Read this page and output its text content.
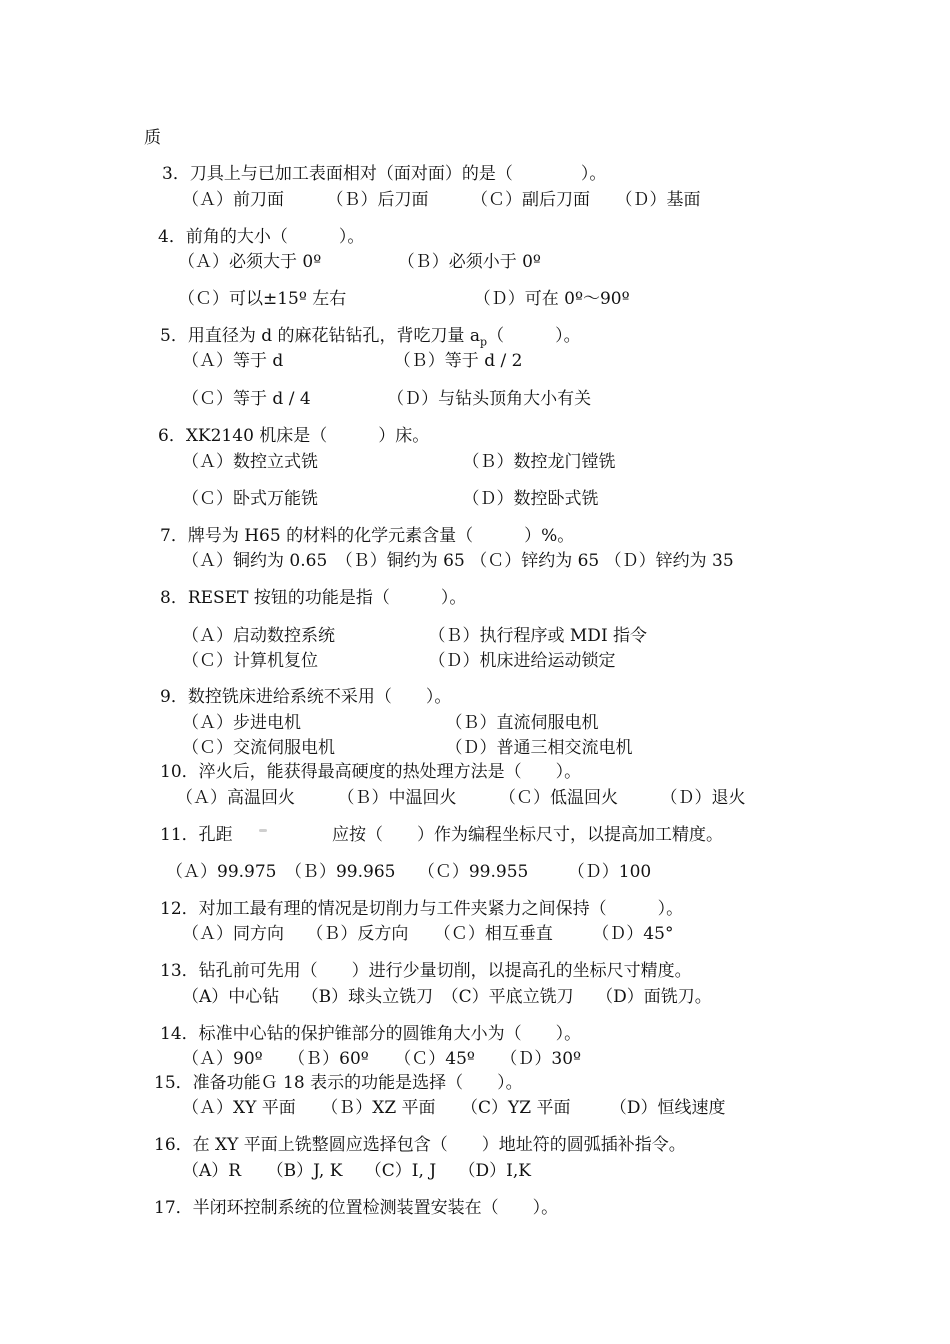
质
3．刀具上与已加工表面相对（面对面）的是（　　　　）。
（Ａ）前刀面　　　（Ｂ）后刀面　　　（Ｃ）副后刀面　　（Ｄ）基面
4．前角的大小（　　　）。
（Ａ）必须大于 0º　　　　　（Ｂ）必须小于 0º
（Ｃ）可以±15º 左右　　　　　　　　（Ｄ）可在 0º～90º
5．用直径为 d 的麻花钻钻孔，背吃刀量 $a_p$（　　　）。
（Ａ）等于 d　　　　　　　（Ｂ）等于 d / 2
（Ｃ）等于 d / 4　　　　　（Ｄ）与钻头顶角大小有关
6．XK2140 机床是（　　　）床。
（Ａ）数控立式铣　　　　　　　　　（Ｂ）数控龙门镗铣
（Ｃ）卧式万能铣　　　　　　　　　（Ｄ）数控卧式铣
7．牌号为 H65 的材料的化学元素含量（　　　）%。
（Ａ）铜约为 0.65　（Ｂ）铜约为 65 （Ｃ）锌约为 65 （Ｄ）锌约为 35
8．RESET 按钮的功能是指（　　　）。
（Ａ）启动数控系统　　　　　　（Ｂ）执行程序或 MDI 指令
（Ｃ）计算机复位　　　　　　　（Ｄ）机床进给运动锁定
9．数控铣床进给系统不采用（　　）。
（Ａ）步进电机　　　　　　　　　（Ｂ）直流伺服电机
（Ｃ）交流伺服电机　　　　　　　（Ｄ）普通三相交流电机
10．淬火后，能获得最高硬度的热处理方法是（　　）。
（Ａ）高温回火　　　（Ｂ）中温回火　　　（Ｃ）低温回火　　　（Ｄ）退火
11．孔距	应按（　　）作为编程坐标尺寸，以提高加工精度。
（Ａ）99.975　（Ｂ）99.965　 （Ｃ）99.955　　 （Ｄ）100
12．对加工最有理的情况是切削力与工件夹紧力之间保持（　　　）。
（Ａ）同方向　 （Ｂ）反方向　　（Ｃ）相互垂直　　 （Ｄ）45°
13．钻孔前可先用（　　）进行少量切削，以提高孔的坐标尺寸精度。
（A）中心钻　 （B）球头立铣刀　（C）平底立铣刀　 （D）面铣刀。
14．标准中心钻的保护锥部分的圆锥角大小为（　　）。
（Ａ）90º　　（Ｂ）60º　　（Ｃ）45º　　（Ｄ）30º
15．准备功能Ｇ 18 表示的功能是选择（　　）。
（Ａ）XY 平面　　（Ｂ）XZ 平面　　（C）YZ 平面　　 （D）恒线速度
16．在 XY 平面上铣整圆应选择包含（　　）地址符的圆弧插补指令。
（A）R　　（B）J, K　 （C）I, J　 （D）I,K
17．半闭环控制系统的位置检测装置安装在（　　）。
